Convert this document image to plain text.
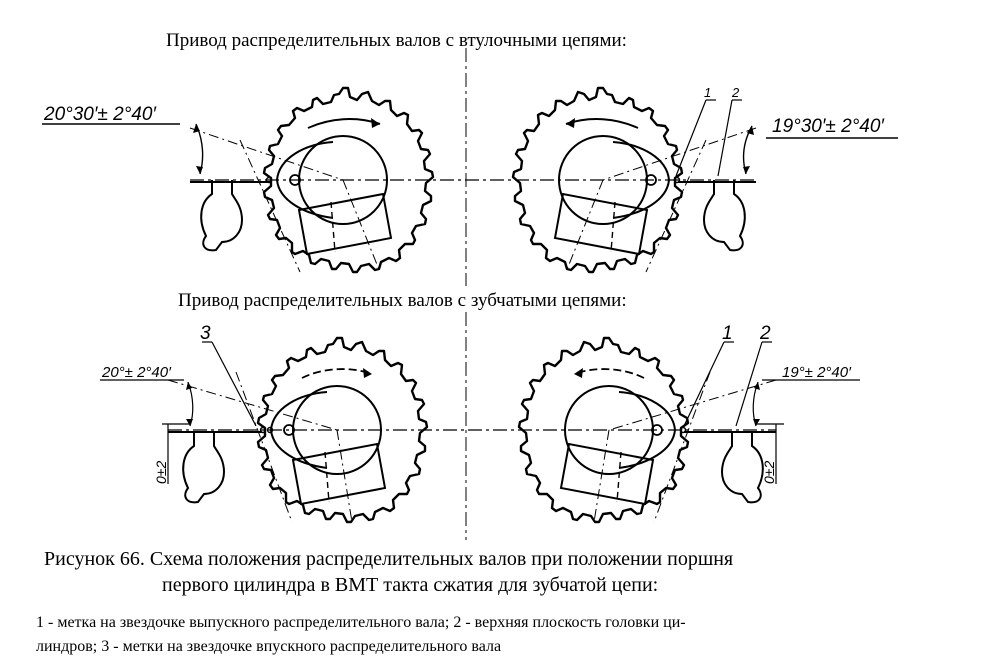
Привод распределительных валов с втулочными цепями:
Привод распределительных валов с зубчатыми цепями:
20°30′± 2°40′
19°30′± 2°40′
1 2
20°± 2°40′
0±2
3
19°± 2°40′
0±2
1 2
Рисунок 66. Схема положения распределительных валов при положении поршня
первого цилиндра в ВМТ такта сжатия для зубчатой цепи:
1 - метка на звездочке выпускного распределительного вала; 2 - верхняя плоскость головки ци-
линдров; 3 - метки на звездочке впускного распределительного вала
